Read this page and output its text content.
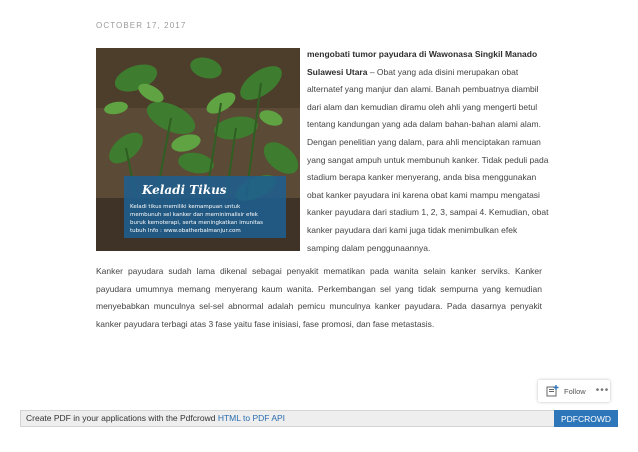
OCTOBER 17, 2017
Keladi Tikus
Keladi tikus memiliki kemampuan untuk
membunuh sel kanker dan meminimalisir efek
buruk kemoterapi, serta meningkatkan imunitas
tubuh Info : www.obatherbalmanjur.com
mengobati tumor payudara di Wawonasa Singkil Manado Sulawesi Utara – Obat yang ada disini merupakan obat alternatef yang manjur dan alami. Banah pembuatnya diambil dari alam dan kemudian diramu oleh ahli yang mengerti betul tentang kandungan yang ada dalam bahan-bahan alami alam. Dengan penelitian yang dalam, para ahli menciptakan ramuan yang sangat ampuh untuk membunuh kanker. Tidak peduli pada stadium berapa kanker menyerang, anda bisa menggunakan obat kanker payudara ini karena obat kami mampu mengatasi kanker payudara dari stadium 1, 2, 3, sampai 4. Kemudian, obat kanker payudara dari kami juga tidak menimbulkan efek samping dalam penggunaannya.
Kanker payudara sudah lama dikenal sebagai penyakit mematikan pada wanita selain kanker serviks. Kanker payudara umumnya memang menyerang kaum wanita. Perkembangan sel yang tidak sempurna yang kemudian menyebabkan munculnya sel-sel abnormal adalah pemicu munculnya kanker payudara. Pada dasarnya penyakit kanker payudara terbagi atas 3 fase yaitu fase inisiasi, fase promosi, dan fase metastasis.
Follow •••
Create PDF in your applications with the Pdfcrowd HTML to PDF API	PDFCROWD
